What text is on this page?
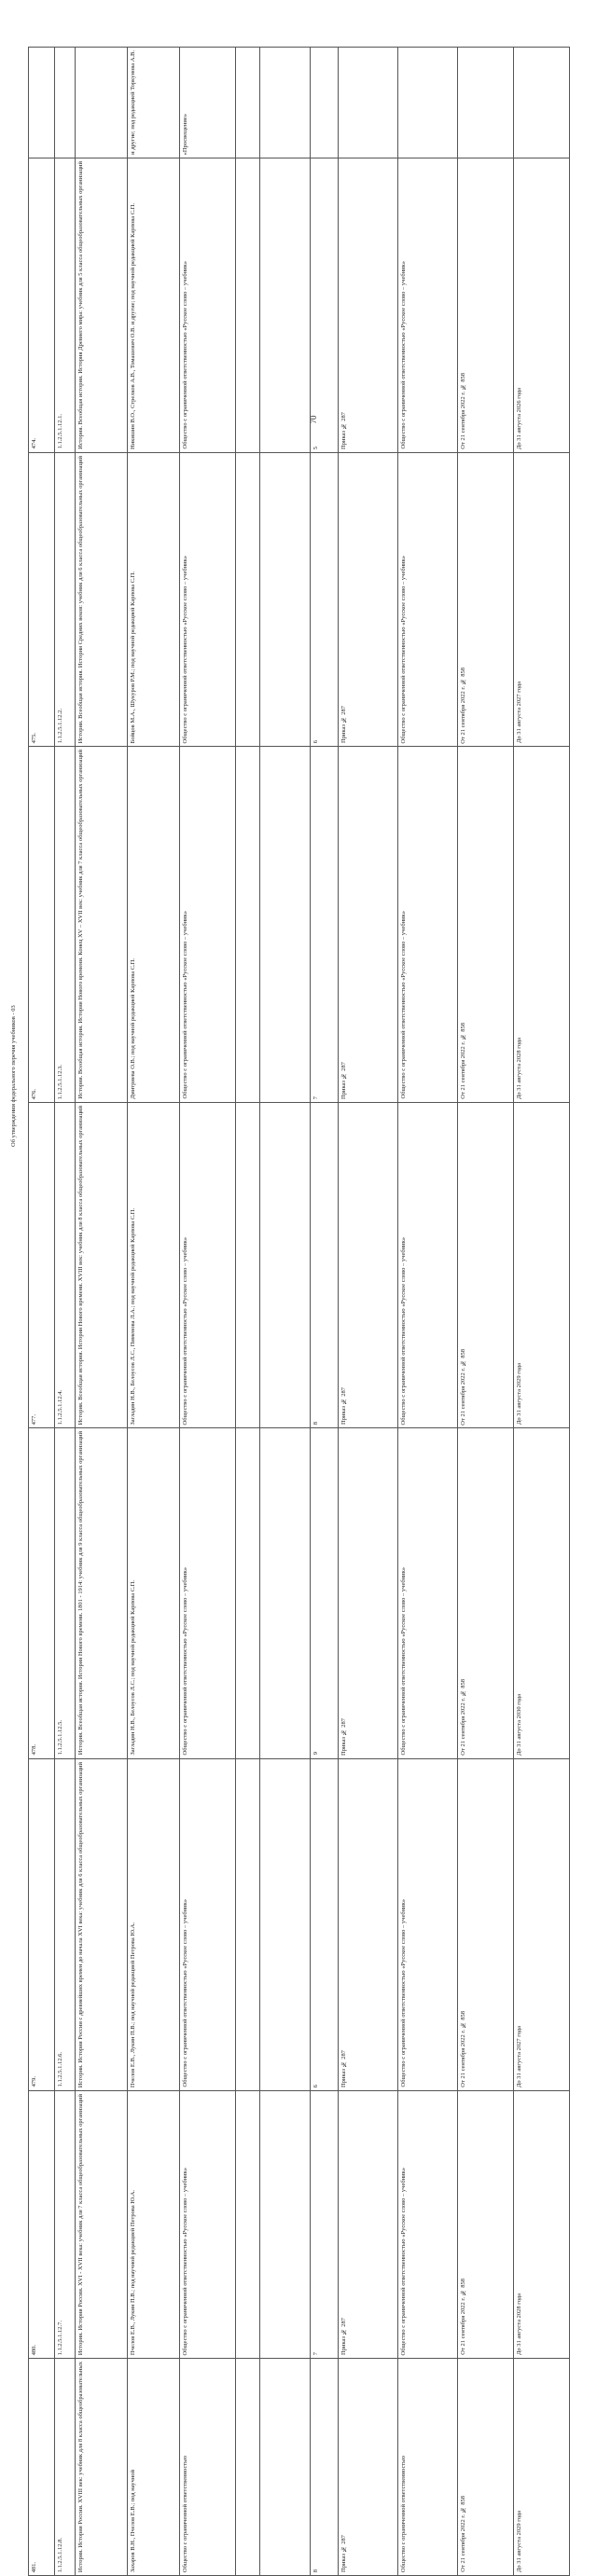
70

			и другие; под редакцией Торкунова А.В.	«Просвещение»							

474.	1.1.2.5.1.12.1.	История. Всеобщая история. История Древнего мира: учебник для 5 класса общеобразовательных организаций	Никишин В.О., Стрелков А.В., Томашевич О.В. и другие; под научной редакцией Карпова С.П.	Общество с ограниченной ответственностью «Русское слово – учебник»			5	Приказ № 287	Общество с ограниченной ответственностью «Русское слово – учебник»	От 21 сентября 2022 г. № 858	До 31 августа 2026 года

475.	1.1.2.5.1.12.2.	История. Всеобщая история. История Средних веков: учебник для 6 класса общеобразовательных организаций	Бойцов М.А., Шукуров Р.М.; под научной редакцией Карпова С.П.	Общество с ограниченной ответственностью «Русское слово – учебник»			6	Приказ № 287	Общество с ограниченной ответственностью «Русское слово – учебник»	От 21 сентября 2022 г. № 858	До 31 августа 2027 года

476.	1.1.2.5.1.12.3.	История. Всеобщая история. История Нового времени. Конец XV – XVII век: учебник для 7 класса общеобразовательных организаций	Дмитриева О.В.; под научной редакцией Карпова С.П.	Общество с ограниченной ответственностью «Русское слово – учебник»			7	Приказ № 287	Общество с ограниченной ответственностью «Русское слово – учебник»	От 21 сентября 2022 г. № 858	До 31 августа 2028 года

477.	1.1.2.5.1.12.4.	История. Всеобщая история. История Нового времени. XVIII век: учебник для 8 класса общеобразовательных организаций	Загладин Н.В., Белоусов Л.С., Пименова Л.А.; под научной редакцией Карпова С.П.	Общество с ограниченной ответственностью «Русское слово – учебник»			8	Приказ № 287	Общество с ограниченной ответственностью «Русское слово – учебник»	От 21 сентября 2022 г. № 858	До 31 августа 2029 года

478.	1.1.2.5.1.12.5.	История. Всеобщая история. История Нового времени. 1801 - 1914: учебник для 9 класса общеобразовательных организаций	Загладин Н.В., Белоусов Л.С.; под научной редакцией Карпова С.П.	Общество с ограниченной ответственностью «Русское слово – учебник»			9	Приказ № 287	Общество с ограниченной ответственностью «Русское слово – учебник»	От 21 сентября 2022 г. № 858	До 31 августа 2030 года

479.	1.1.2.5.1.12.6.	История. История России с древнейших времен до начала XVI века: учебник для 6 класса общеобразовательных организаций	Пчелов Е.В., Лукин П.В.; под научной редакцией Петрова Ю.А.	Общество с ограниченной ответственностью «Русское слово – учебник»			6	Приказ № 287	Общество с ограниченной ответственностью «Русское слово – учебник»	От 21 сентября 2022 г. № 858	До 31 августа 2027 года

480.	1.1.2.5.1.12.7.	История. История России. XVI - XVII века: учебник для 7 класса общеобразовательных организаций	Пчелов Е.В., Лукин П.В.; под научной редакцией Петрова Ю.А.	Общество с ограниченной ответственностью «Русское слово – учебник»			7	Приказ № 287	Общество с ограниченной ответственностью «Русское слово – учебник»	От 21 сентября 2022 г. № 858	До 31 августа 2028 года

481.	1.1.2.5.1.12.8.	История. История России. XVIII век: учебник для 8 класса общеобразовательных	Захаров В.Н., Пчелов Е.В.; под научной	Общество с ограниченной ответственностью			8	Приказ № 287	Общество с ограниченной ответственностью	От 21 сентября 2022 г. № 858	До 31 августа 2029 года
Об утверждении федерального перечня учебников - 03
